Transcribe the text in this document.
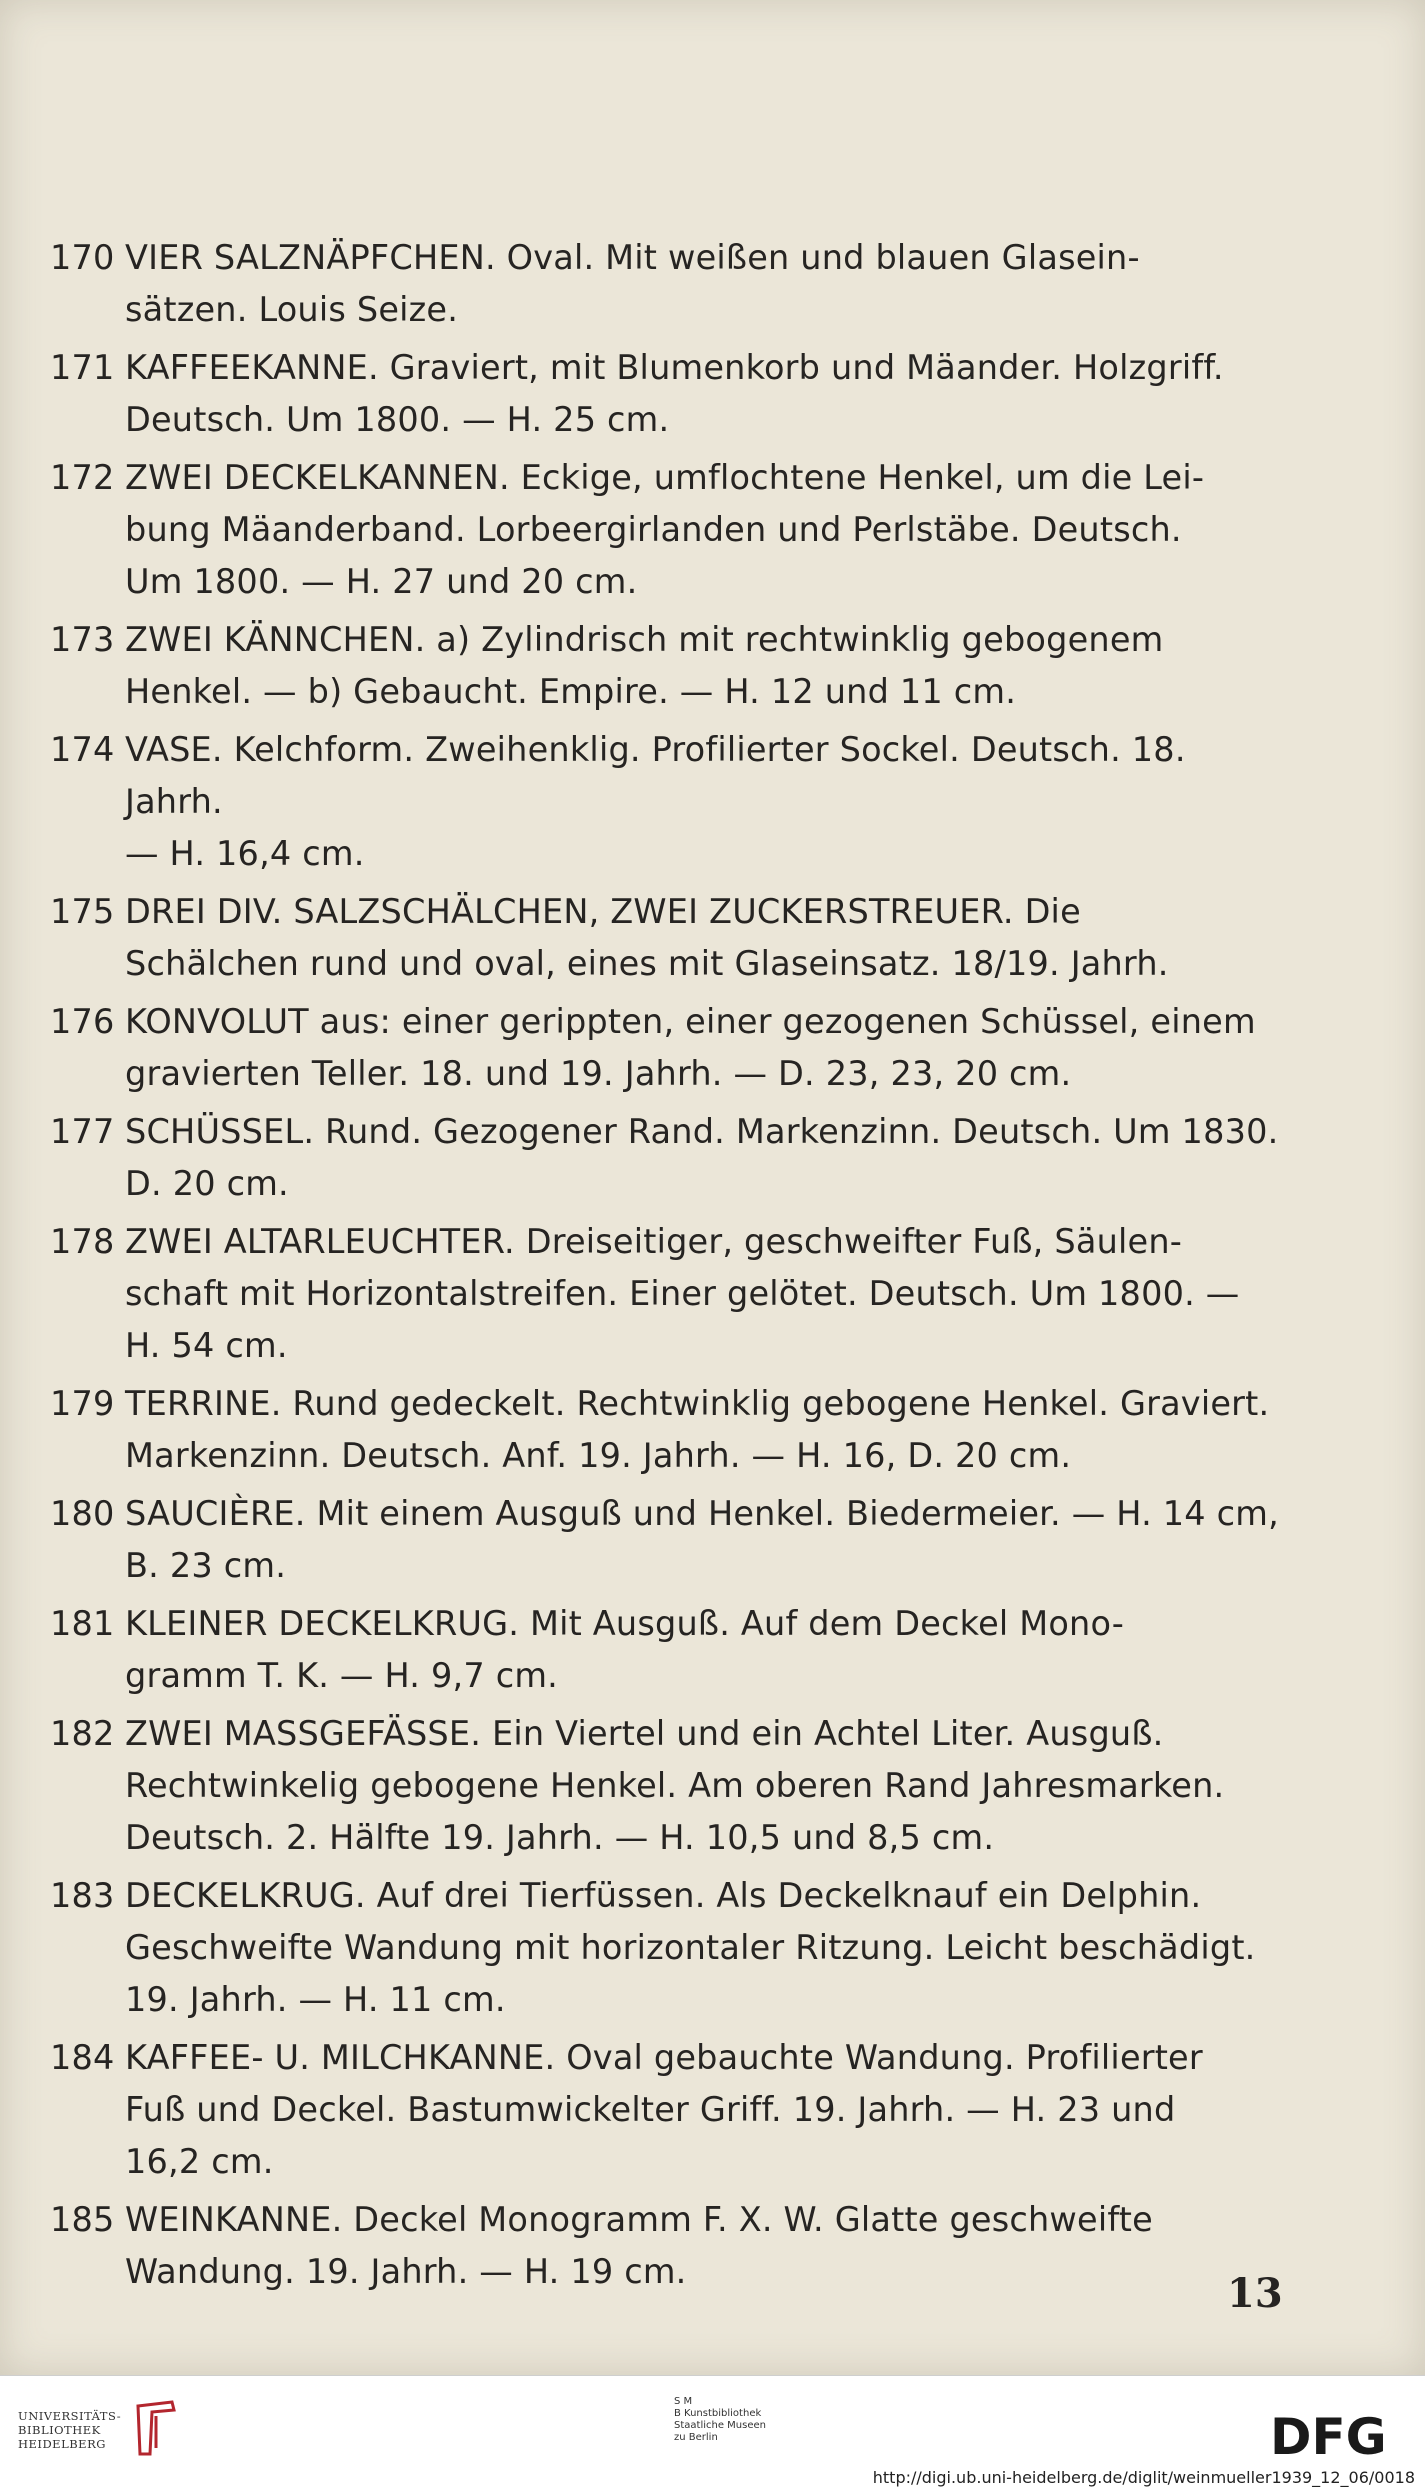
170 VIER SALZNÄPFCHEN. Oval. Mit weißen und blauen Glasein-
sätzen. Louis Seize.
171 KAFFEEKANNE. Graviert, mit Blumenkorb und Mäander. Holzgriff.
Deutsch. Um 1800. — H. 25 cm.
172 ZWEI DECKELKANNEN. Eckige, umflochtene Henkel, um die Lei-
bung Mäanderband. Lorbeergirlanden und Perlstäbe. Deutsch.
Um 1800. — H. 27 und 20 cm.
173 ZWEI KÄNNCHEN. a) Zylindrisch mit rechtwinklig gebogenem
Henkel. — b) Gebaucht. Empire. — H. 12 und 11 cm.
174 VASE. Kelchform. Zweihenklig. Profilierter Sockel. Deutsch. 18. Jahrh.
— H. 16,4 cm.
175 DREI DIV. SALZSCHÄLCHEN, ZWEI ZUCKERSTREUER. Die
Schälchen rund und oval, eines mit Glaseinsatz. 18/19. Jahrh.
176 KONVOLUT aus: einer gerippten, einer gezogenen Schüssel, einem
gravierten Teller. 18. und 19. Jahrh. — D. 23, 23, 20 cm.
177 SCHÜSSEL. Rund. Gezogener Rand. Markenzinn. Deutsch. Um 1830.
D. 20 cm.
178 ZWEI ALTARLEUCHTER. Dreiseitiger, geschweifter Fuß, Säulen-
schaft mit Horizontalstreifen. Einer gelötet. Deutsch. Um 1800. —
H. 54 cm.
179 TERRINE. Rund gedeckelt. Rechtwinklig gebogene Henkel. Graviert.
Markenzinn. Deutsch. Anf. 19. Jahrh. — H. 16, D. 20 cm.
180 SAUCIÈRE. Mit einem Ausguß und Henkel. Biedermeier. — H. 14 cm,
B. 23 cm.
181 KLEINER DECKELKRUG. Mit Ausguß. Auf dem Deckel Mono-
gramm T. K. — H. 9,7 cm.
182 ZWEI MASSGEFÄSSE. Ein Viertel und ein Achtel Liter. Ausguß.
Rechtwinkelig gebogene Henkel. Am oberen Rand Jahresmarken.
Deutsch. 2. Hälfte 19. Jahrh. — H. 10,5 und 8,5 cm.
183 DECKELKRUG. Auf drei Tierfüssen. Als Deckelknauf ein Delphin.
Geschweifte Wandung mit horizontaler Ritzung. Leicht beschädigt.
19. Jahrh. — H. 11 cm.
184 KAFFEE- U. MILCHKANNE. Oval gebauchte Wandung. Profilierter
Fuß und Deckel. Bastumwickelter Griff. 19. Jahrh. — H. 23 und
16,2 cm.
185 WEINKANNE. Deckel Monogramm F. X. W. Glatte geschweifte
Wandung. 19. Jahrh. — H. 19 cm.	13
UNIVERSITÄTS-
BIBLIOTHEK
HEIDELBERG
S M
B Kunstbibliothek
Staatliche Museen
zu Berlin	DFG
http://digi.ub.uni-heidelberg.de/diglit/weinmueller1939_12_06/0018
